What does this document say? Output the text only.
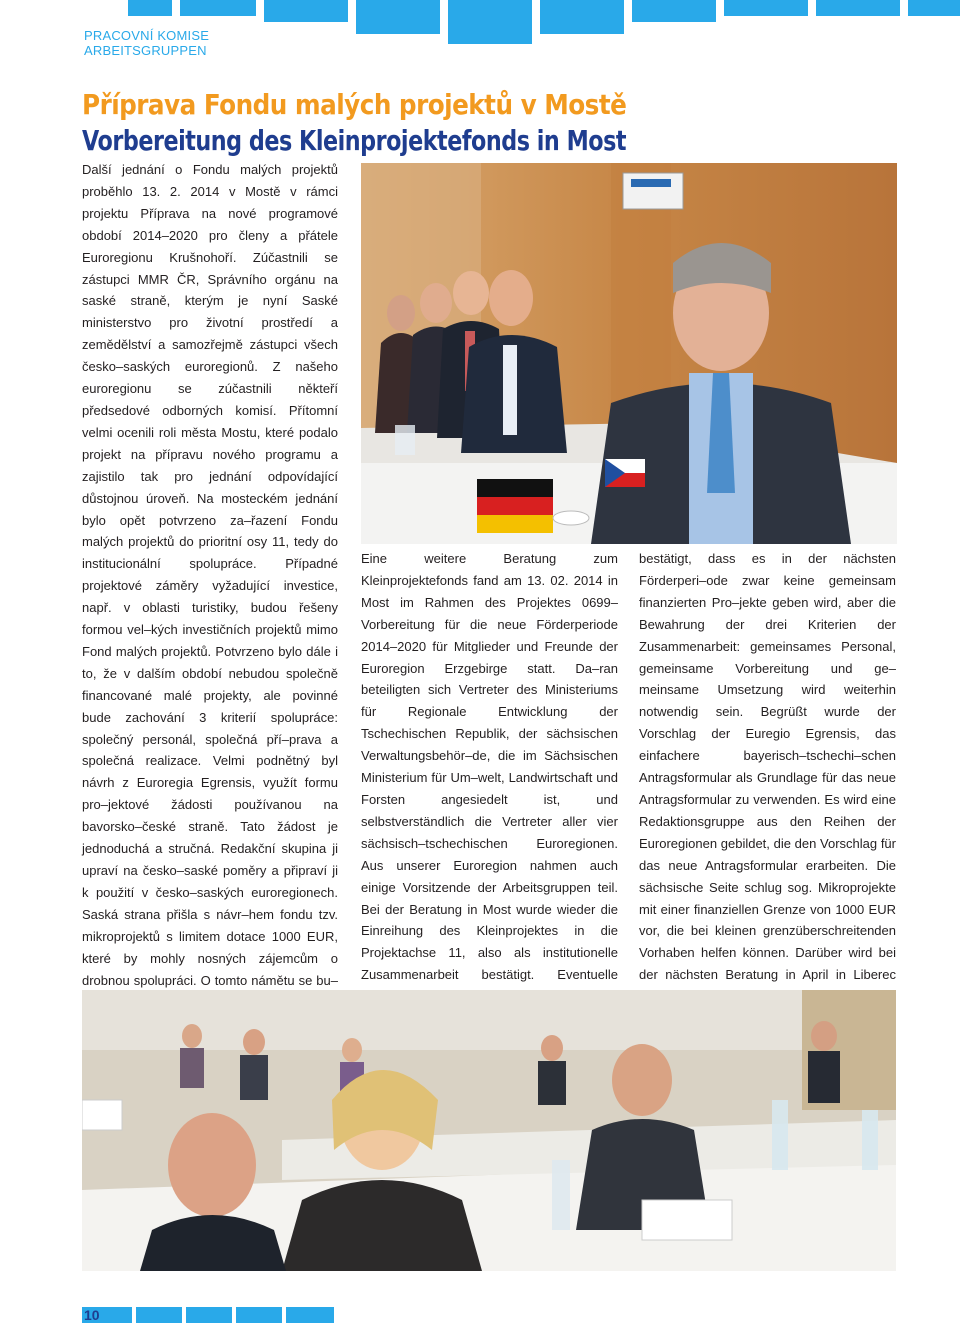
PRACOVNÍ KOMISE
ARBEITSGRUPPEN
Příprava Fondu malých projektů v Mostě
Vorbereitung des Kleinprojektefonds in Most

Další jednání o Fondu malých projektů proběhlo 13. 2. 2014 v Mostě v rámci projektu Příprava na nové programové období 2014–2020 pro členy a přátele Euroregionu Krušnohoří. Zúčastnili se zástupci MMR ČR, Správního orgánu na saské straně, kterým je nyní Saské ministerstvo pro životní prostředí a zemědělství a samozřejmě zástupci všech česko–saských euroregionů. Z našeho euroregionu se zúčastnili někteří předsedové odborných komisí. Přítomní velmi ocenili roli města Mostu, které podalo projekt na přípravu nového programu a zajistilo tak pro jednání odpovídající důstojnou úroveň. Na mosteckém jednání bylo opět potvrzeno za–řazení Fondu malých projektů do prioritní osy 11, tedy do institucionální spolupráce. Případné projektové záměry vyžadující investice, např. v oblasti turistiky, budou řešeny formou vel–kých investičních projektů mimo Fond malých projektů. Potvrzeno bylo dále i to, že v dalším období nebudou společně financované malé projekty, ale povinné bude zachování 3 kriterií spolupráce: společný personál, společná pří–prava a společná realizace. Velmi podnětný byl návrh z Euroregia Egrensis, využít formu pro–jektové žádosti používanou na bavorsko–české straně. Tato žádost je jednoduchá a stručná. Redakční skupina ji upraví na česko–saské poměry a připraví ji k použití v česko–saských euroregionech. Saská strana přišla s návr–hem fondu tzv. mikroprojektů s limitem dotace 1000 EUR, které by mohly nosných zájemcům o drobnou spolupráci. O tomto námětu se bu–

Eine weitere Beratung zum Kleinprojektefonds fand am 13. 02. 2014 in Most im Rahmen des Projektes 0699–Vorbereitung für die neue Förderperiode 2014–2020 für Mitglieder und Freunde der Euroregion Erzgebirge statt. Da–ran beteiligten sich Vertreter des Ministeriums für Regionale Entwicklung der Tschechischen Republik, der sächsischen Verwaltungsbehör–de, die im Sächsischen Ministerium für Um–welt, Landwirtschaft und Forsten angesiedelt ist, und selbstverständlich die Vertreter aller vier sächsisch–tschechischen Euroregionen. Aus unserer Euroregion nahmen auch einige Vorsitzende der Arbeitsgruppen teil. Bei der Beratung in Most wurde wieder die Einreihung des Kleinprojektes in die Projektachse 11, also als institutionelle Zusammenarbeit bestätigt. Eventuelle

bestätigt, dass es in der nächsten Förderperi–ode zwar keine gemeinsam finanzierten Pro–jekte geben wird, aber die Bewahrung der drei Kriterien der Zusammenarbeit: gemeinsames Personal, gemeinsame Vorbereitung und ge–meinsame Umsetzung wird weiterhin notwendig sein. Begrüßt wurde der Vorschlag der Euregio Egrensis, das einfachere bayerisch–tschechi–schen Antragsformular als Grundlage für das neue Antragsformular zu verwenden. Es wird eine Redaktionsgruppe aus den Reihen der Euroregionen gebildet, die den Vorschlag für das neue Antragsformular erarbeiten. Die sächsische Seite schlug sog. Mikroprojekte mit einer finanziellen Grenze von 1000 EUR vor, die bei kleinen grenzüberschreitenden Vorhaben helfen können. Darüber wird bei der nächsten Beratung in April in Liberec

10
